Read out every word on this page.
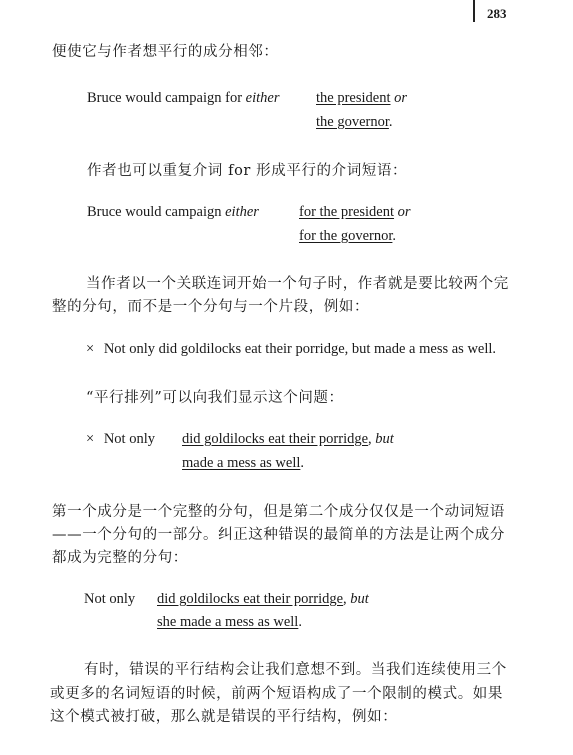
283
便使它与作者想平行的成分相邻：
Bruce would campaign for either	the president or
the governor.
作者也可以重复介词 for 形成平行的介词短语：
Bruce would campaign either	for the president or
for the governor.
当作者以一个关联连词开始一个句子时，作者就是要比较两个完
整的分句，而不是一个分句与一个片段，例如：
× Not only did goldilocks eat their porridge, but made a mess as well.
“平行排列”可以向我们显示这个问题：
× Not only did goldilocks eat their porridge, but
made a mess as well.
第一个成分是一个完整的分句，但是第二个成分仅仅是一个动词短语
——一个分句的一部分。纠正这种错误的最简单的方法是让两个成分
都成为完整的分句：
Not only did goldilocks eat their porridge, but
she made a mess as well.
有时，错误的平行结构会让我们意想不到。当我们连续使用三个
或更多的名词短语的时候，前两个短语构成了一个限制的模式。如果
这个模式被打破，那么就是错误的平行结构，例如：
